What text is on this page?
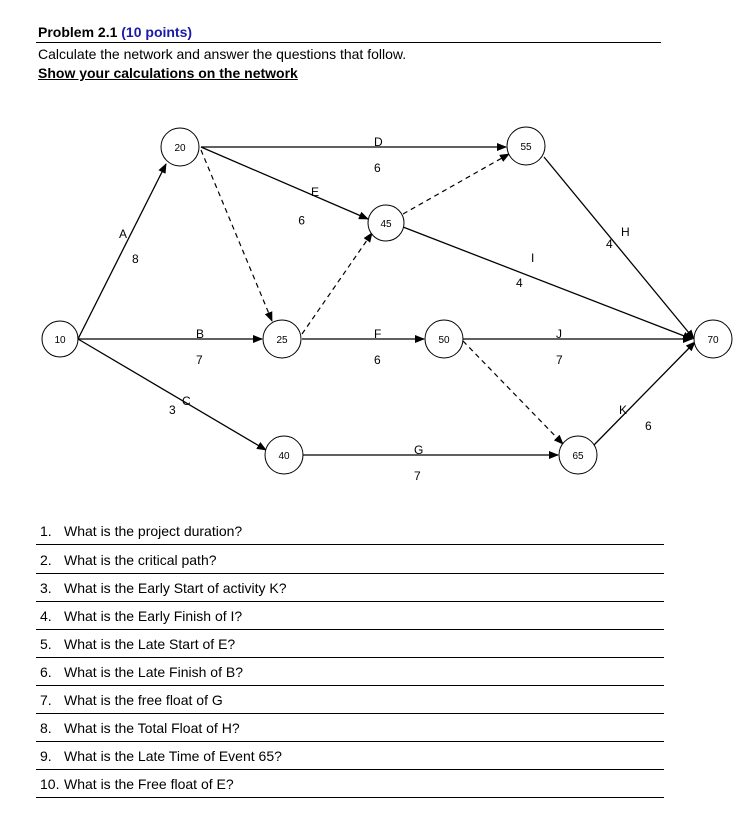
Problem 2.1 (10 points)
Calculate the network and answer the questions that follow.
Show your calculations on the network
A
B
C
D
E
F
G
H
I
J
K
8
7
3
6
9
6
7
4
4
7
6
10
20
25
40
45
50
55
65
70
1. What is the project duration?
2. What is the critical path?
3. What is the Early Start of activity K?
4. What is the Early Finish of I?
5. What is the Late Start of E?
6. What is the Late Finish of B?
7. What is the free float of G
8. What is the Total Float of H?
9. What is the Late Time of Event 65?
10. What is the Free float of E?
